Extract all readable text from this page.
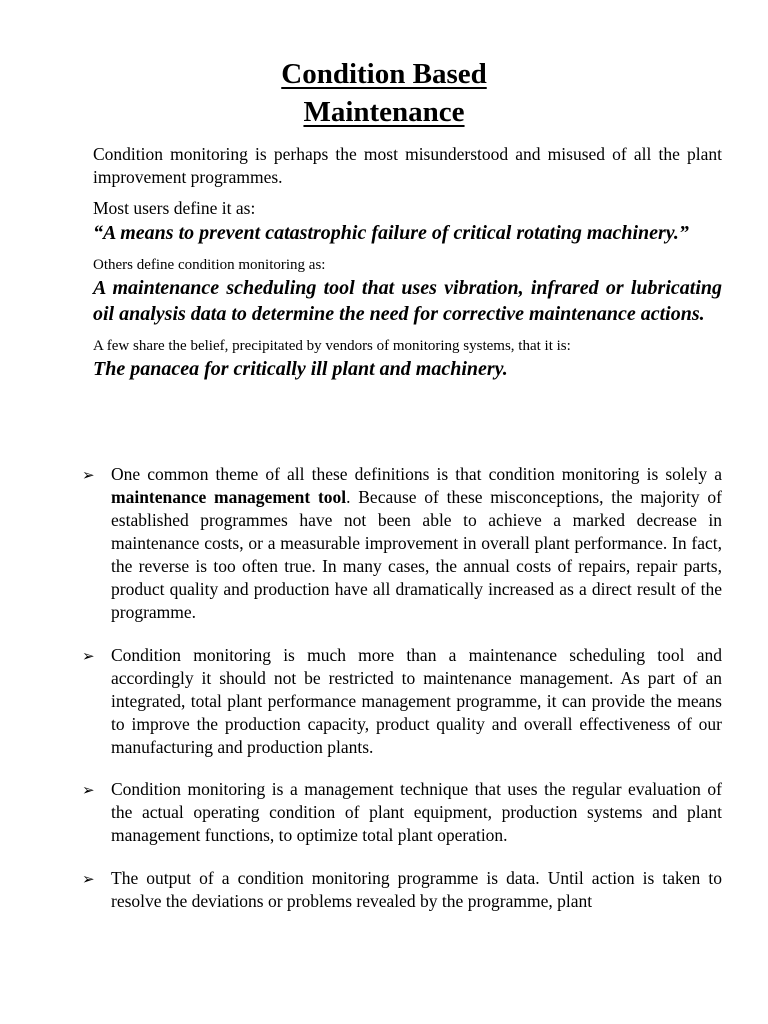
Condition Based
Maintenance

Condition monitoring is perhaps the most misunderstood and misused of all the plant improvement programmes.

Most users define it as:

“A means to prevent catastrophic failure of critical rotating machinery.”

Others define condition monitoring as:

A maintenance scheduling tool that uses vibration, infrared or lubricating oil analysis data to determine the need for corrective maintenance actions.

A few share the belief, precipitated by vendors of monitoring systems, that it is:

The panacea for critically ill plant and machinery.

➢ One common theme of all these definitions is that condition monitoring is solely a maintenance management tool. Because of these misconceptions, the majority of established programmes have not been able to achieve a marked decrease in maintenance costs, or a measurable improvement in overall plant performance. In fact, the reverse is too often true. In many cases, the annual costs of repairs, repair parts, product quality and production have all dramatically increased as a direct result of the programme.

➢ Condition monitoring is much more than a maintenance scheduling tool and accordingly it should not be restricted to maintenance management. As part of an integrated, total plant performance management programme, it can provide the means to improve the production capacity, product quality and overall effectiveness of our manufacturing and production plants.

➢ Condition monitoring is a management technique that uses the regular evaluation of the actual operating condition of plant equipment, production systems and plant management functions, to optimize total plant operation.

➢ The output of a condition monitoring programme is data. Until action is taken to resolve the deviations or problems revealed by the programme, plant
